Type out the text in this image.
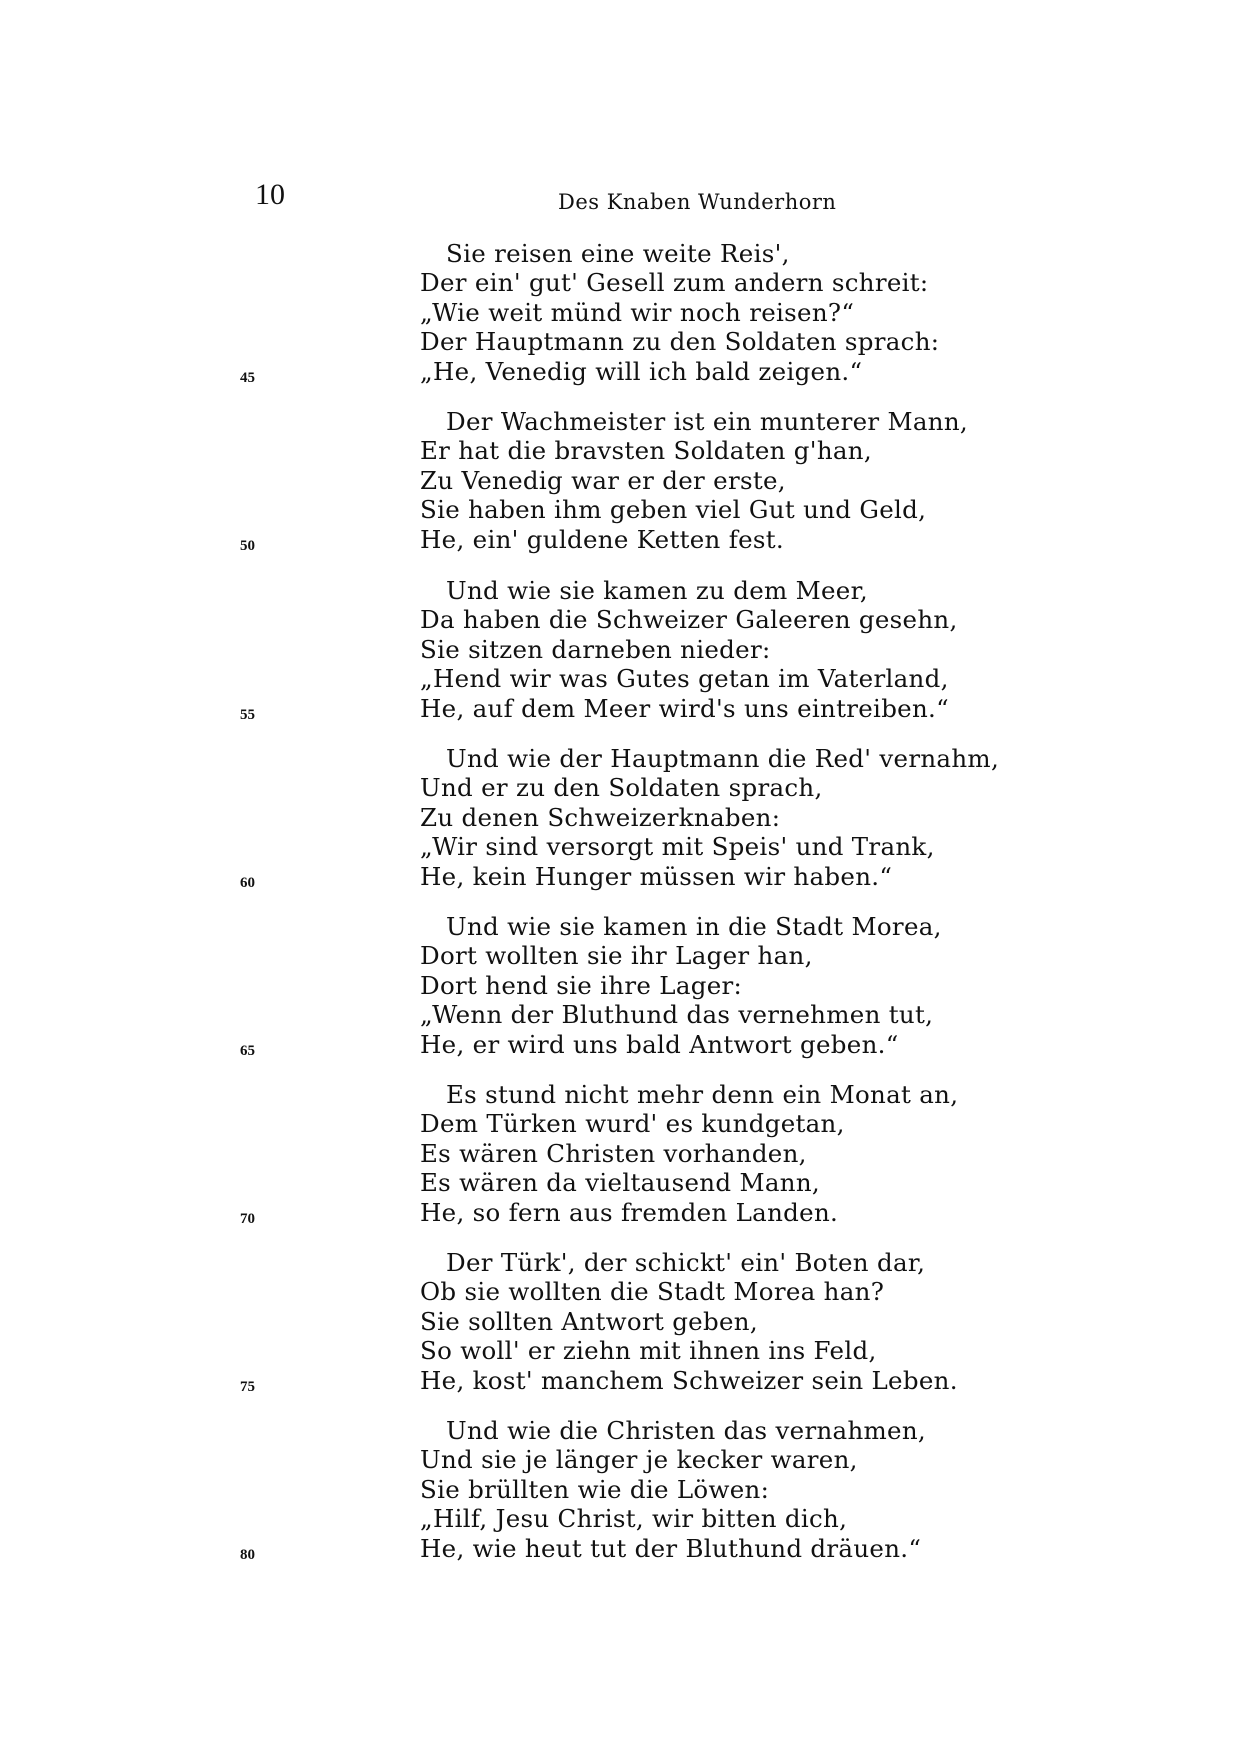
10	Des Knaben Wunderhorn
Sie reisen eine weite Reis',
Der ein' gut' Gesell zum andern schreit:
„Wie weit münd wir noch reisen?“
Der Hauptmann zu den Soldaten sprach:
„He, Venedig will ich bald zeigen.“
45
Der Wachmeister ist ein munterer Mann,
Er hat die bravsten Soldaten g'han,
Zu Venedig war er der erste,
Sie haben ihm geben viel Gut und Geld,
He, ein' guldene Ketten fest.
50
Und wie sie kamen zu dem Meer,
Da haben die Schweizer Galeeren gesehn,
Sie sitzen darneben nieder:
„Hend wir was Gutes getan im Vaterland,
He, auf dem Meer wird's uns eintreiben.“
55
Und wie der Hauptmann die Red' vernahm,
Und er zu den Soldaten sprach,
Zu denen Schweizerknaben:
„Wir sind versorgt mit Speis' und Trank,
He, kein Hunger müssen wir haben.“
60
Und wie sie kamen in die Stadt Morea,
Dort wollten sie ihr Lager han,
Dort hend sie ihre Lager:
„Wenn der Bluthund das vernehmen tut,
He, er wird uns bald Antwort geben.“
65
Es stund nicht mehr denn ein Monat an,
Dem Türken wurd' es kundgetan,
Es wären Christen vorhanden,
Es wären da vieltausend Mann,
He, so fern aus fremden Landen.
70
Der Türk', der schickt' ein' Boten dar,
Ob sie wollten die Stadt Morea han?
Sie sollten Antwort geben,
So woll' er ziehn mit ihnen ins Feld,
He, kost' manchem Schweizer sein Leben.
75
Und wie die Christen das vernahmen,
Und sie je länger je kecker waren,
Sie brüllten wie die Löwen:
„Hilf, Jesu Christ, wir bitten dich,
He, wie heut tut der Bluthund dräuen.“
80
